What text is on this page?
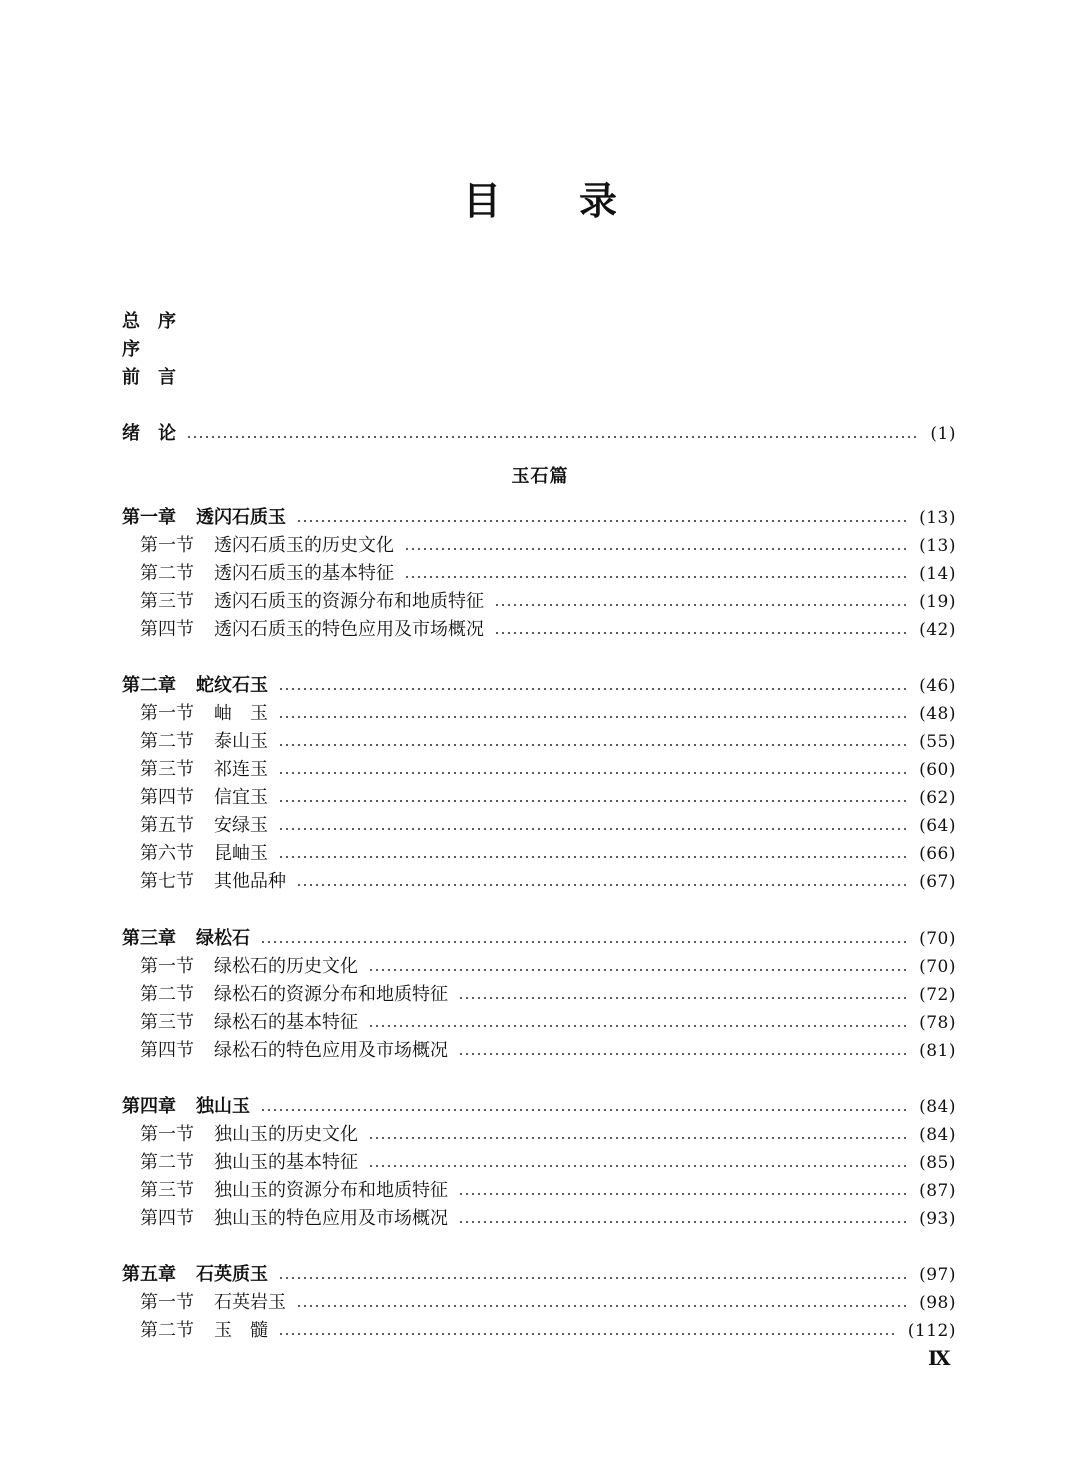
目 录
总　序
序
前　言
绪　论	(1)
玉石篇
第一章 透闪石质玉	(13)
第一节 透闪石质玉的历史文化	(13)
第二节 透闪石质玉的基本特征	(14)
第三节 透闪石质玉的资源分布和地质特征	(19)
第四节 透闪石质玉的特色应用及市场概况	(42)
第二章 蛇纹石玉	(46)
第一节 岫　玉	(48)
第二节 泰山玉	(55)
第三节 祁连玉	(60)
第四节 信宜玉	(62)
第五节 安绿玉	(64)
第六节 昆岫玉	(66)
第七节 其他品种	(67)
第三章 绿松石	(70)
第一节 绿松石的历史文化	(70)
第二节 绿松石的资源分布和地质特征	(72)
第三节 绿松石的基本特征	(78)
第四节 绿松石的特色应用及市场概况	(81)
第四章 独山玉	(84)
第一节 独山玉的历史文化	(84)
第二节 独山玉的基本特征	(85)
第三节 独山玉的资源分布和地质特征	(87)
第四节 独山玉的特色应用及市场概况	(93)
第五章 石英质玉	(97)
第一节 石英岩玉	(98)
第二节 玉　髓	(112)
Ⅸ
